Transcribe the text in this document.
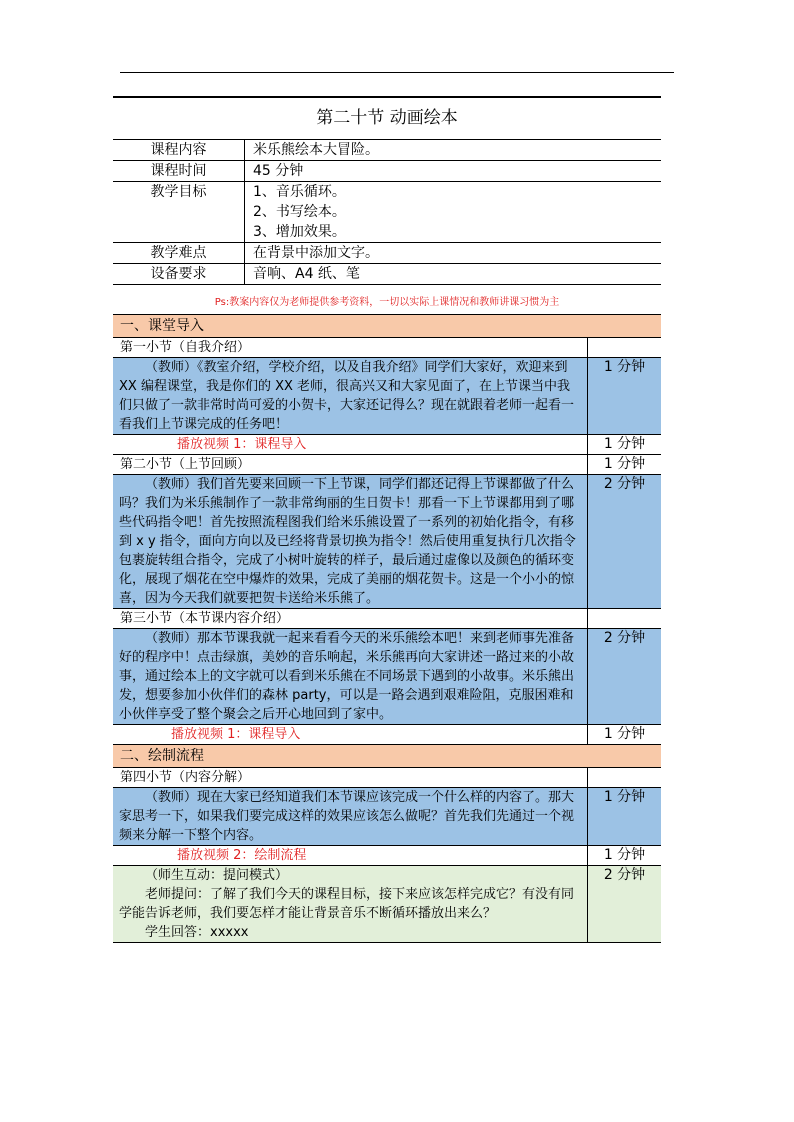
第二十节 动画绘本
课程内容	米乐熊绘本大冒险。
课程时间	45 分钟
教学目标	1、音乐循环。
2、书写绘本。
3、增加效果。

教学难点	在背景中添加文字。
设备要求	音响、A4 纸、笔
Ps:教案内容仅为老师提供参考资料，一切以实际上课情况和教师讲课习惯为主
一、课堂导入	
第一小节（自我介绍）	

（教师）《教室介绍，学校介绍，以及自我介绍》同学们大家好，欢迎来到 XX 编程课堂，我是你们的 XX 老师，很高兴又和大家见面了，在上节课当中我们只做了一款非常时尚可爱的小贺卡，大家还记得么？现在就跟着老师一起看一看我们上节课完成的任务吧！	1 分钟
播放视频 1：课程导入	1 分钟
第二小节（上节回顾）	1 分钟

（教师）我们首先要来回顾一下上节课，同学们都还记得上节课都做了什么吗？我们为米乐熊制作了一款非常绚丽的生日贺卡！那看一下上节课都用到了哪些代码指令吧！首先按照流程图我们给米乐熊设置了一系列的初始化指令，有移到 x y 指令，面向方向以及已经将背景切换为指令！然后使用重复执行几次指令包裹旋转组合指令，完成了小树叶旋转的样子，最后通过虚像以及颜色的循环变化，展现了烟花在空中爆炸的效果，完成了美丽的烟花贺卡。这是一个小小的惊喜，因为今天我们就要把贺卡送给米乐熊了。	2 分钟
第三小节（本节课内容介绍）	

（教师）那本节课我就一起来看看今天的米乐熊绘本吧！来到老师事先准备好的程序中！点击绿旗，美妙的音乐响起，米乐熊再向大家讲述一路过来的小故事，通过绘本上的文字就可以看到米乐熊在不同场景下遇到的小故事。米乐熊出发，想要参加小伙伴们的森林 party，可以是一路会遇到艰难险阻，克服困难和小伙伴享受了整个聚会之后开心地回到了家中。	2 分钟
播放视频 1：课程导入	1 分钟
二、绘制流程	
第四小节（内容分解）	

（教师）现在大家已经知道我们本节课应该完成一个什么样的内容了。那大家思考一下，如果我们要完成这样的效果应该怎么做呢？首先我们先通过一个视频来分解一下整个内容。	1 分钟
播放视频 2：绘制流程	1 分钟

（师生互动：提问模式）

老师提问：了解了我们今天的课程目标，接下来应该怎样完成它？有没有同学能告诉老师，我们要怎样才能让背景音乐不断循环播放出来么？

学生回答：xxxxx	2 分钟
